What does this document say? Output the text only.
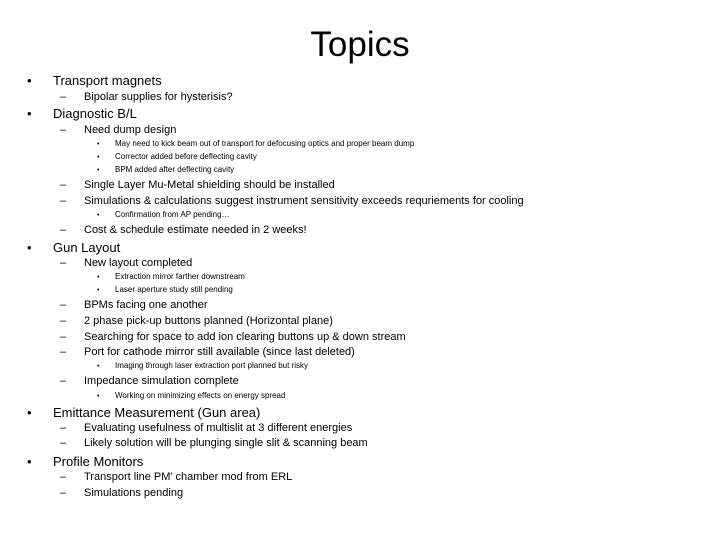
Topics
• Transport magnets
– Bipolar supplies for hysterisis?
• Diagnostic B/L
– Need dump design
• May need to kick beam out of transport for defocusing optics and proper beam dump
• Corrector added before deflecting cavity
• BPM added after deflecting cavity
– Single Layer Mu-Metal shielding should be installed
– Simulations & calculations suggest instrument sensitivity exceeds requriements for cooling
• Confirmation from AP pending…
– Cost & schedule estimate needed in 2 weeks!
• Gun Layout
– New layout completed
• Extraction mirror farther downstream
• Laser aperture study still pending
– BPMs facing one another
– 2 phase pick-up buttons planned (Horizontal plane)
– Searching for space to add ion clearing buttons up & down stream
– Port for cathode mirror still available (since last deleted)
• Imaging through laser extraction port planned but risky
– Impedance simulation complete
• Working on minimizing effects on energy spread
• Emittance Measurement (Gun area)
– Evaluating usefulness of multislit at 3 different energies
– Likely solution will be plunging single slit & scanning beam
• Profile Monitors
– Transport line PM’ chamber mod from ERL
– Simulations pending
